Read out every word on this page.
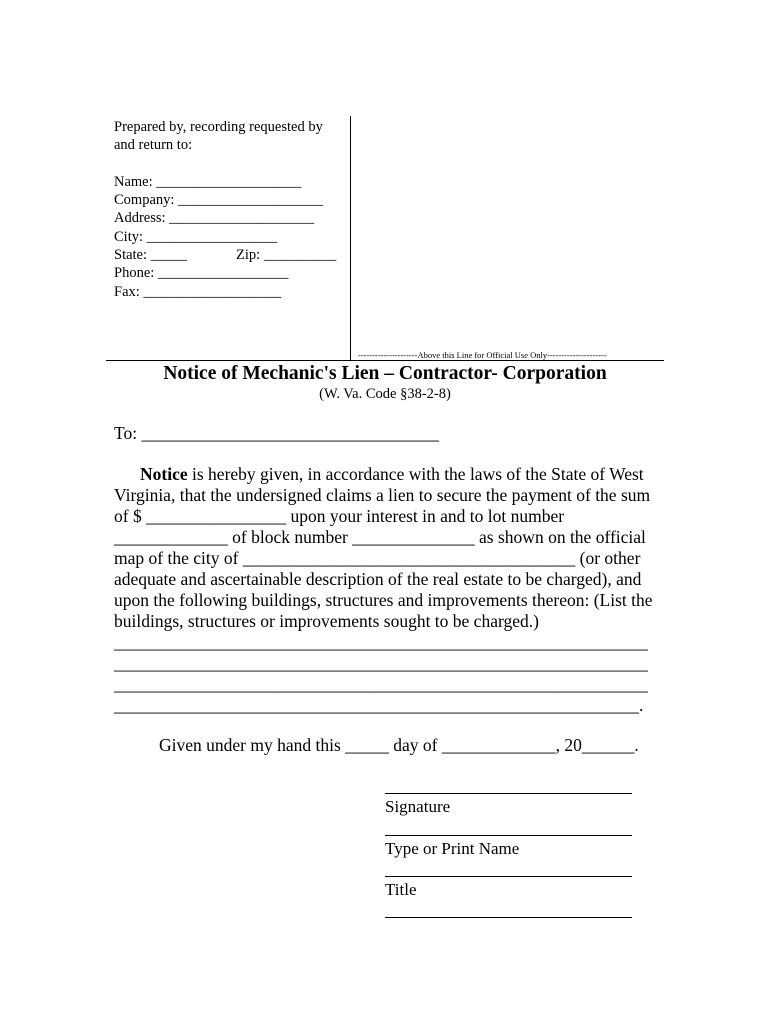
Prepared by, recording requested by
and return to:
Name: ____________________
Company: ____________________
Address: ____________________
City: __________________
State: _____	Zip: __________
Phone: __________________
Fax: ___________________
---------------------Above this Line for Official Use Only---------------------
Notice of Mechanic's Lien – Contractor- Corporation
(W. Va. Code §38-2-8)
To: __________________________________
Notice is hereby given, in accordance with the laws of the State of West
Virginia, that the undersigned claims a lien to secure the payment of the sum
of $ ________________ upon your interest in and to lot number
_____________ of block number ______________ as shown on the official
map of the city of ______________________________________ (or other
adequate and ascertainable description of the real estate to be charged), and
upon the following buildings, structures and improvements thereon: (List the
buildings, structures or improvements sought to be charged.)
_____________________________________________________________
_____________________________________________________________
_____________________________________________________________
____________________________________________________________.
Given under my hand this _____ day of _____________, 20______.
Signature
Type or Print Name
Title
